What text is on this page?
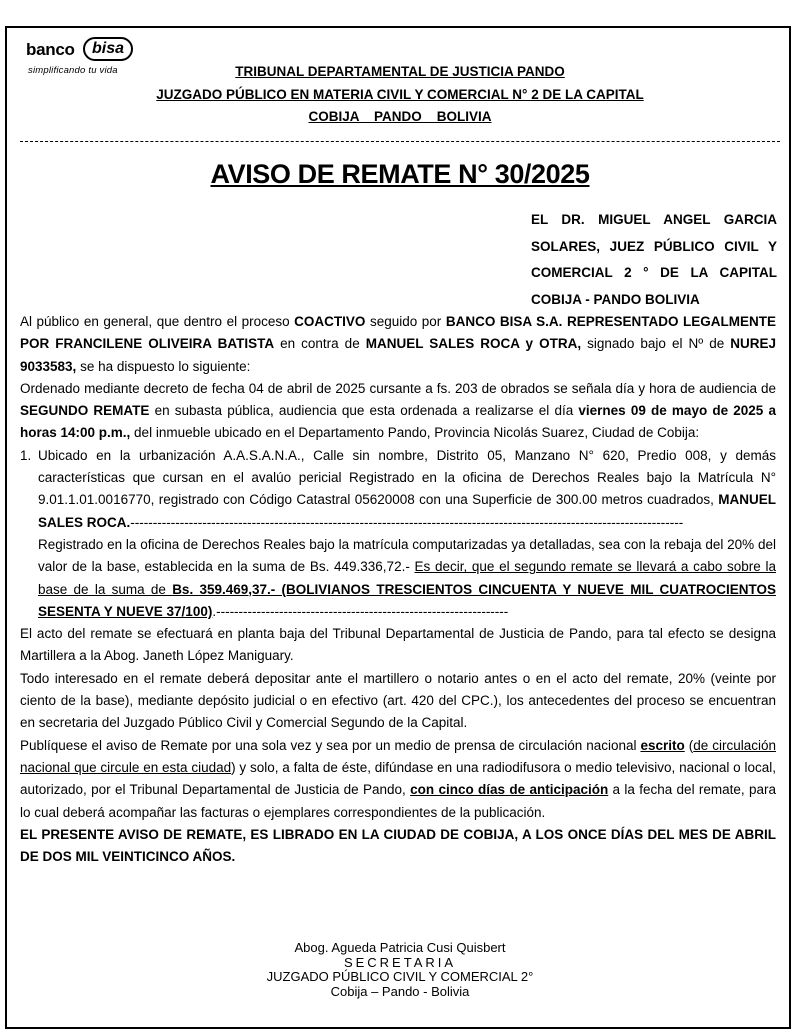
banco	bisa
simplificando tu vida	TRIBUNAL DEPARTAMENTAL DE JUSTICIA PANDO
JUZGADO PÚBLICO EN MATERIA CIVIL Y COMERCIAL N° 2 DE LA CAPITAL
COBIJA    PANDO    BOLIVIA
AVISO DE REMATE N° 30/2025
EL DR. MIGUEL ANGEL GARCIA
SOLARES, JUEZ PÚBLICO CIVIL Y
COMERCIAL 2 ° DE LA CAPITAL
COBIJA - PANDO BOLIVIA

Al público en general, que dentro el proceso COACTIVO seguido por BANCO BISA S.A. REPRESENTADO LEGALMENTE POR FRANCILENE OLIVEIRA BATISTA en contra de MANUEL SALES ROCA y OTRA, signado bajo el Nº de NUREJ 9033583, se ha dispuesto lo siguiente:

Ordenado mediante decreto de fecha 04 de abril de 2025 cursante a fs. 203 de obrados se señala día y hora de audiencia de SEGUNDO REMATE en subasta pública, audiencia que esta ordenada a realizarse el día viernes 09 de mayo de 2025 a horas 14:00 p.m., del inmueble ubicado en el Departamento Pando, Provincia Nicolás Suarez, Ciudad de Cobija:

1. Ubicado en la urbanización A.A.S.A.N.A., Calle sin nombre, Distrito 05, Manzano N° 620, Predio 008, y demás características que cursan en el avalúo pericial Registrado en la oficina de Derechos Reales bajo la Matrícula N° 9.01.1.01.0016770, registrado con Código Catastral 05620008 con una Superficie de 300.00 metros cuadrados, MANUEL SALES ROCA.---------------------------------------------------------------------------------------------------------------------------

Registrado en la oficina de Derechos Reales bajo la matrícula computarizadas ya detalladas, sea con la rebaja del 20% del valor de la base, establecida en la suma de Bs. 449.336,72.- Es decir, que el segundo remate se llevará a cabo sobre la base de la suma de Bs. 359.469,37.- (BOLIVIANOS TRESCIENTOS CINCUENTA Y NUEVE MIL CUATROCIENTOS SESENTA Y NUEVE 37/100).-----------------------------------------------------------------

El acto del remate se efectuará en planta baja del Tribunal Departamental de Justicia de Pando, para tal efecto se designa Martillera a la Abog. Janeth López Maniguary.

Todo interesado en el remate deberá depositar ante el martillero o notario antes o en el acto del remate, 20% (veinte por ciento de la base), mediante depósito judicial o en efectivo (art. 420 del CPC.), los antecedentes del proceso se encuentran en secretaria del Juzgado Público Civil y Comercial Segundo de la Capital.

Publíquese el aviso de Remate por una sola vez y sea por un medio de prensa de circulación nacional escrito (de circulación nacional que circule en esta ciudad) y solo, a falta de éste, difúndase en una radiodifusora o medio televisivo, nacional o local, autorizado, por el Tribunal Departamental de Justicia de Pando, con cinco días de anticipación a la fecha del remate, para lo cual deberá acompañar las facturas o ejemplares correspondientes de la publicación.

EL PRESENTE AVISO DE REMATE, ES LIBRADO EN LA CIUDAD DE COBIJA, A LOS ONCE DÍAS DEL MES DE ABRIL DE DOS MIL VEINTICINCO AÑOS.

Abog. Agueda Patricia Cusi Quisbert
SECRETARIA
JUZGADO PÚBLICO CIVIL Y COMERCIAL 2°
Cobija – Pando - Bolivia
